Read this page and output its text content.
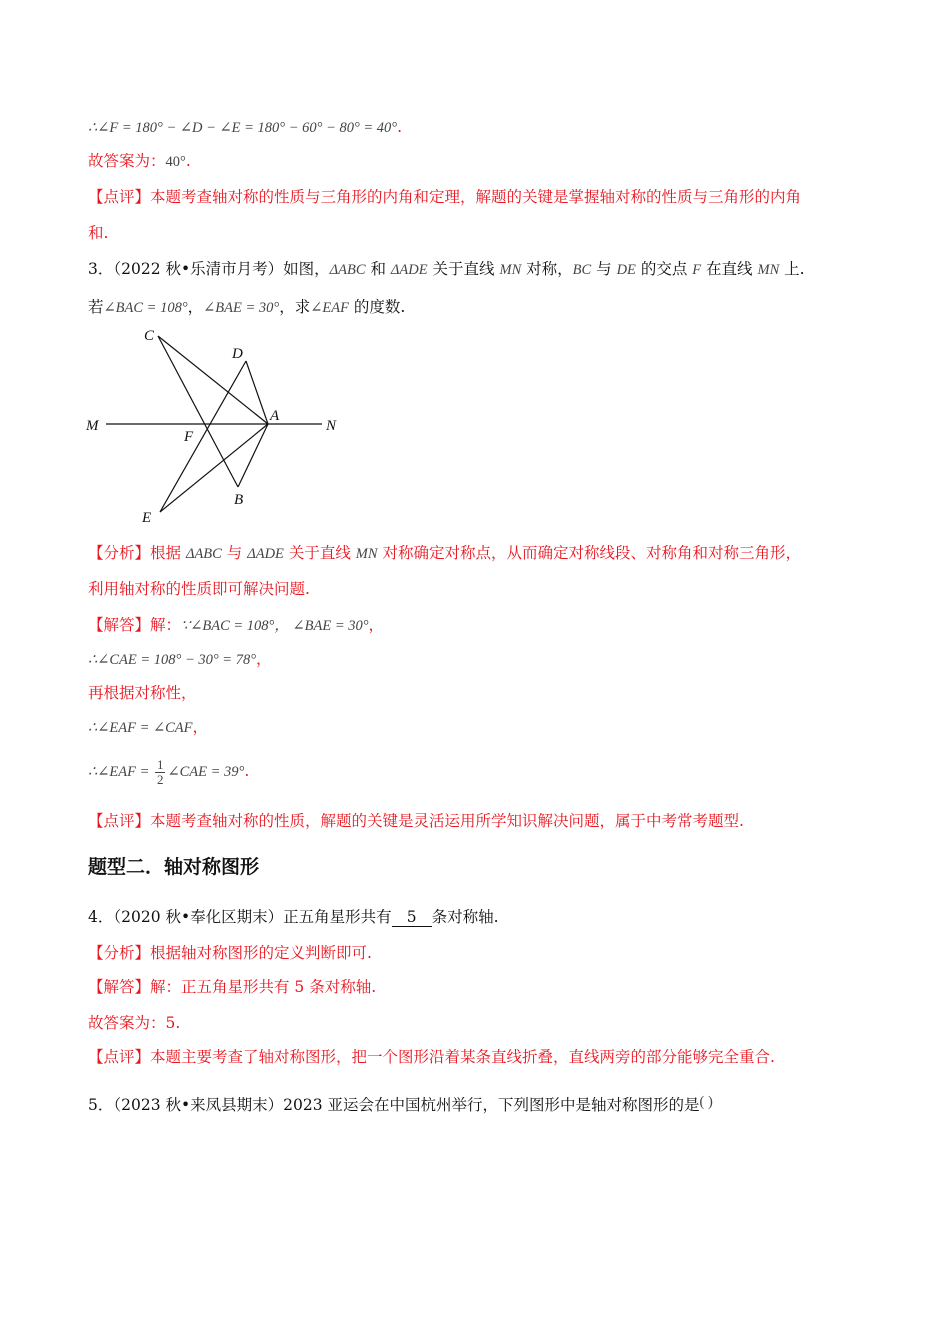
∴∠F = 180° − ∠D − ∠E = 180° − 60° − 80° = 40°.
故答案为：40°.
【点评】本题考查轴对称的性质与三角形的内角和定理，解题的关键是掌握轴对称的性质与三角形的内角
和.
3．（2022 秋•乐清市月考）如图，ΔABC 和 ΔADE 关于直线 MN 对称，BC 与 DE 的交点 F 在直线 MN 上.
若∠BAC = 108°，∠BAE = 30°，求∠EAF 的度数.
C
D
M
F
A
N
B
E
【分析】根据 ΔABC 与 ΔADE 关于直线 MN 对称确定对称点，从而确定对称线段、对称角和对称三角形，
利用轴对称的性质即可解决问题.
【解答】解：∵∠BAC = 108°， ∠BAE = 30°，
∴∠CAE = 108° − 30° = 78°，
再根据对称性，
∴∠EAF = ∠CAF，
∴∠EAF = $\frac{1}{2}$ ∠CAE = 39°.
【点评】本题考查轴对称的性质，解题的关键是灵活运用所学知识解决问题，属于中考常考题型.
题型二．轴对称图形
4．（2020 秋•奉化区期末）正五角星形共有 5 条对称轴.
【分析】根据轴对称图形的定义判断即可.
【解答】解：正五角星形共有 5 条对称轴.
故答案为：5.
【点评】本题主要考查了轴对称图形，把一个图形沿着某条直线折叠，直线两旁的部分能够完全重合.
5．（2023 秋•来凤县期末）2023 亚运会在中国杭州举行，下列图形中是轴对称图形的是( )
